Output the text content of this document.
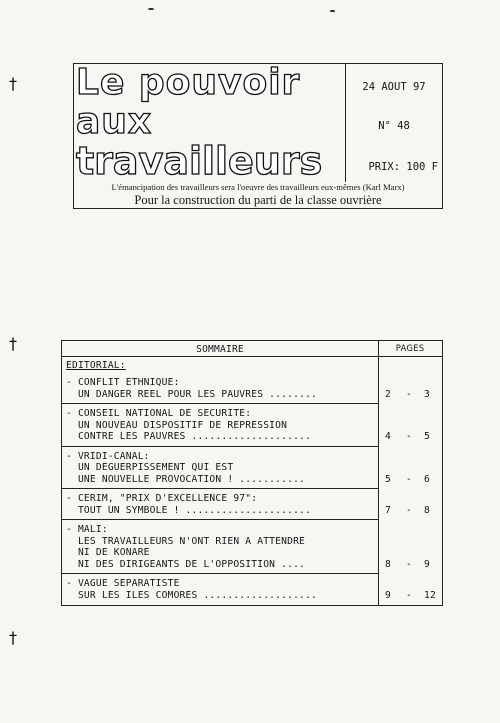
†
†
†
Le pouvoir
aux
travailleurs
24 AOUT 97
N° 48
PRIX: 100 F
L'émancipation des travailleurs sera l'oeuvre des travailleurs eux-mêmes (Karl Marx)
Pour la construction du parti de la classe ouvrière
SOMMAIRE	PAGES
EDITORIAL:
- CONFLIT ETHNIQUE:
UN DANGER REEL POUR LES PAUVRES ........	2 - 3
- CONSEIL NATIONAL DE SECURITE:
UN NOUVEAU DISPOSITIF DE REPRESSION
CONTRE LES PAUVRES ....................	4 - 5
- VRIDI-CANAL:
UN DEGUERPISSEMENT QUI EST
UNE NOUVELLE PROVOCATION ! ...........	5 - 6
- CERIM, "PRIX D'EXCELLENCE 97":
TOUT UN SYMBOLE ! .....................	7 - 8
- MALI:
LES TRAVAILLEURS N'ONT RIEN A ATTENDRE
NI DE KONARE
NI DES DIRIGEANTS DE L'OPPOSITION ....	8 - 9
- VAGUE SEPARATISTE
SUR LES ILES COMORES ...................	9 - 12
